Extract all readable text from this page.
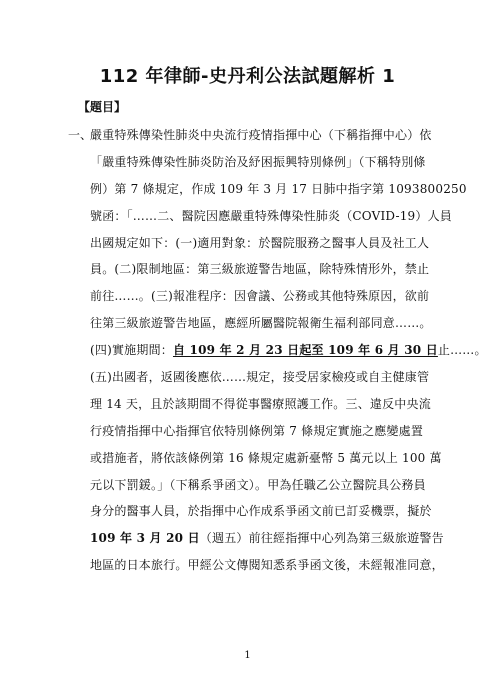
112 年律師-史丹利公法試題解析 1
【題目】
一、
嚴重特殊傳染性肺炎中央流行疫情指揮中心（下稱指揮中心）依
「嚴重特殊傳染性肺炎防治及紓困振興特別條例」（下稱特別條
例）第 7 條規定，作成 109 年 3 月 17 日肺中指字第 1093800250
號函：「……二、醫院因應嚴重特殊傳染性肺炎（COVID-19）人員
出國規定如下：(一)適用對象：於醫院服務之醫事人員及社工人
員。(二)限制地區：第三級旅遊警告地區，除特殊情形外，禁止
前往……。(三)報准程序：因會議、公務或其他特殊原因，欲前
往第三級旅遊警告地區，應經所屬醫院報衛生福利部同意……。
(四)實施期間：自 109 年 2 月 23 日起至 109 年 6 月 30 日止……。
(五)出國者，返國後應依……規定，接受居家檢疫或自主健康管
理 14 天，且於該期間不得從事醫療照護工作。三、違反中央流
行疫情指揮中心指揮官依特別條例第 7 條規定實施之應變處置
或措施者，將依該條例第 16 條規定處新臺幣 5 萬元以上 100 萬
元以下罰鍰。」（下稱系爭函文）。甲為任職乙公立醫院具公務員
身分的醫事人員，於指揮中心作成系爭函文前已訂妥機票，擬於
109 年 3 月 20 日（週五）前往經指揮中心列為第三級旅遊警告
地區的日本旅行。甲經公文傳閱知悉系爭函文後，未經報准同意，
1
